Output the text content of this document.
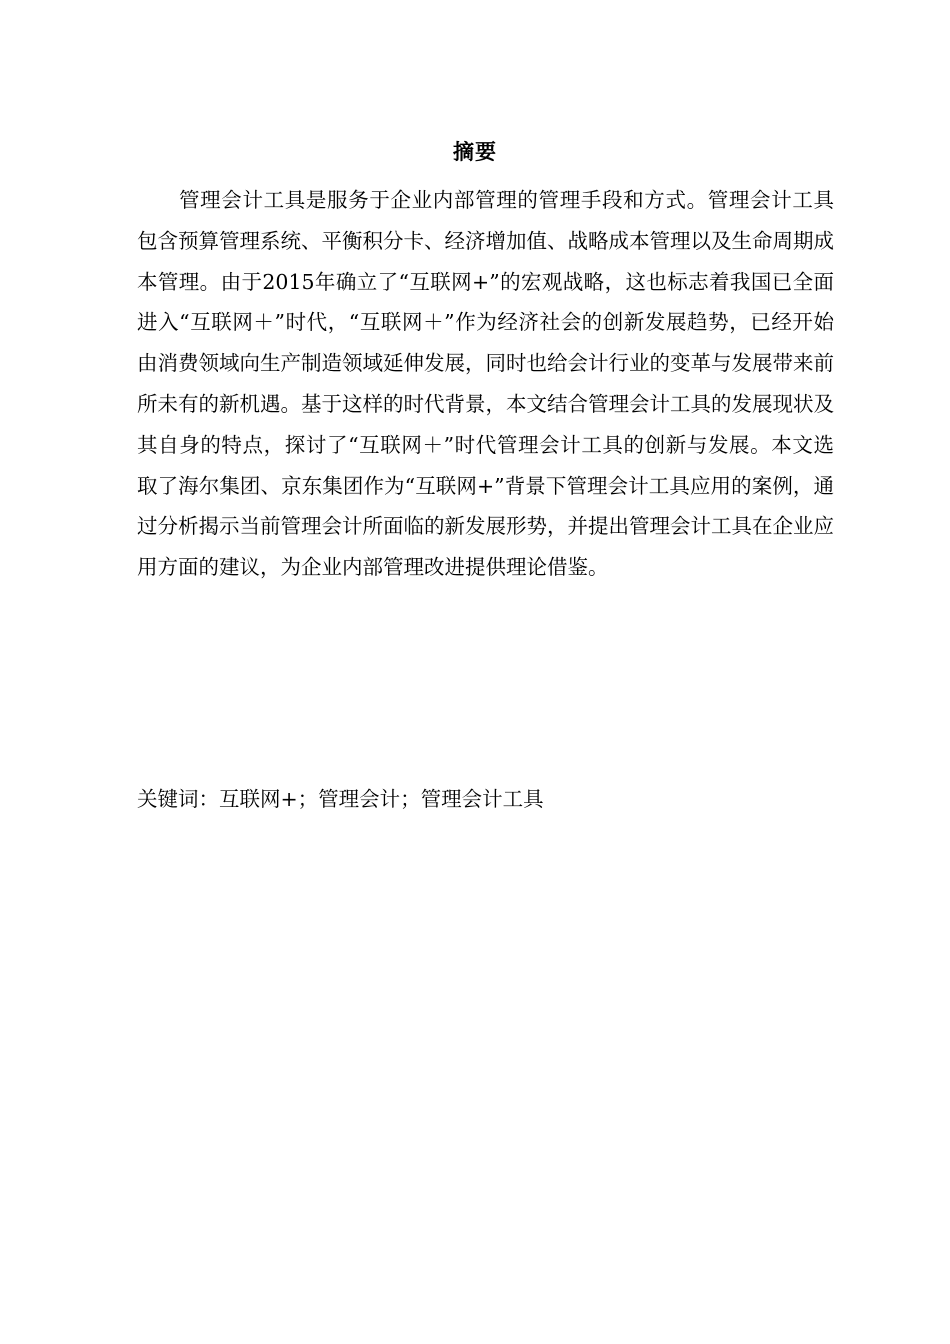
摘要

管理会计工具是服务于企业内部管理的管理手段和方式。管理会计工具包含预算管理系统、平衡积分卡、经济增加值、战略成本管理以及生命周期成本管理。由于2015年确立了“互联网+”的宏观战略，这也标志着我国已全面进入“互联网＋”时代，“互联网＋”作为经济社会的创新发展趋势，已经开始由消费领域向生产制造领域延伸发展，同时也给会计行业的变革与发展带来前所未有的新机遇。基于这样的时代背景，本文结合管理会计工具的发展现状及其自身的特点，探讨了“互联网＋”时代管理会计工具的创新与发展。本文选取了海尔集团、京东集团作为“互联网+”背景下管理会计工具应用的案例，通过分析揭示当前管理会计所面临的新发展形势，并提出管理会计工具在企业应用方面的建议，为企业内部管理改进提供理论借鉴。

关键词：互联网+；管理会计；管理会计工具
